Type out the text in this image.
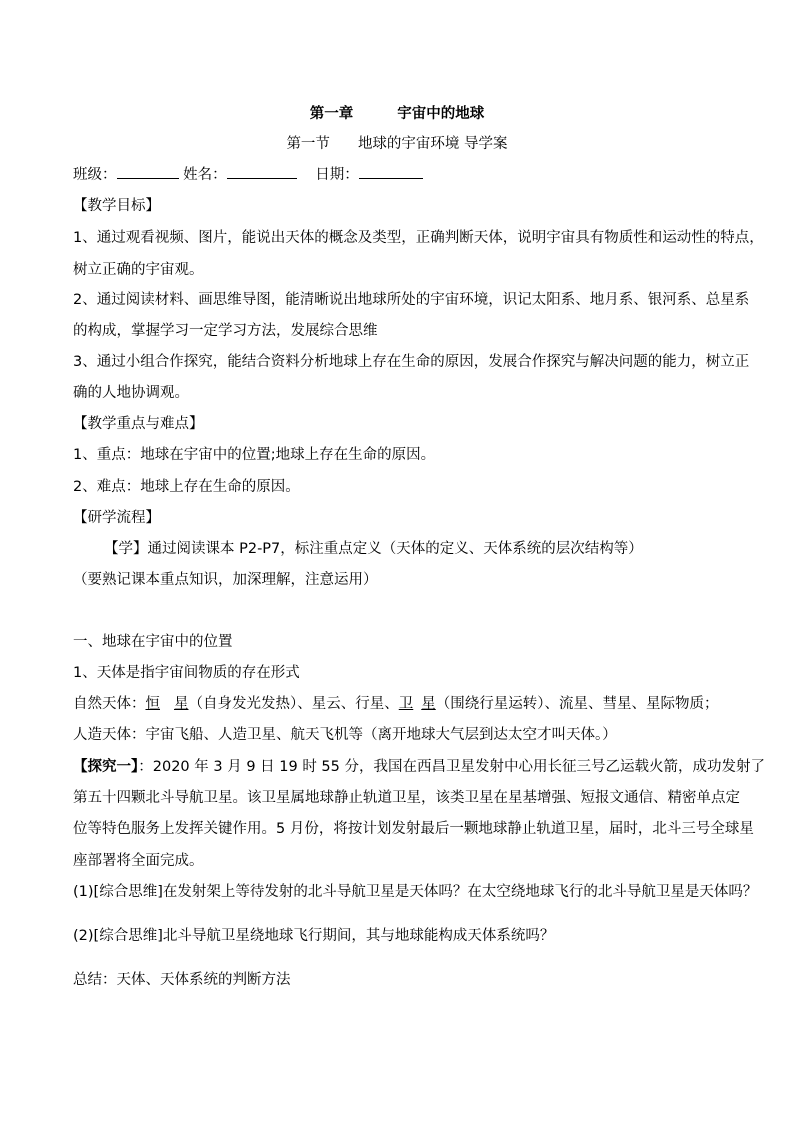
第一章	宇宙中的地球
第一节 地球的宇宙环境 导学案
班级：	姓名：	日期：
【教学目标】
1、通过观看视频、图片，能说出天体的概念及类型，正确判断天体，说明宇宙具有物质性和运动性的特点，
树立正确的宇宙观。
2、通过阅读材料、画思维导图，能清晰说出地球所处的宇宙环境，识记太阳系、地月系、银河系、总星系
的构成，掌握学习一定学习方法，发展综合思维
3、通过小组合作探究，能结合资料分析地球上存在生命的原因，发展合作探究与解决问题的能力，树立正
确的人地协调观。
【教学重点与难点】
1、重点：地球在宇宙中的位置;地球上存在生命的原因。
2、难点：地球上存在生命的原因。
【研学流程】
【学】通过阅读课本 P2-P7，标注重点定义（天体的定义、天体系统的层次结构等）
（要熟记课本重点知识，加深理解，注意运用）
一、地球在宇宙中的位置
1、天体是指宇宙间物质的存在形式
自然天体：恒 星（自身发光发热）、星云、行星、卫 星（围绕行星运转）、流星、彗星、星际物质；
人造天体：宇宙飞船、人造卫星、航天飞机等（离开地球大气层到达太空才叫天体。）
【探究一】：2020 年 3 月 9 日 19 时 55 分，我国在西昌卫星发射中心用长征三号乙运载火箭，成功发射了
第五十四颗北斗导航卫星。该卫星属地球静止轨道卫星，该类卫星在星基增强、短报文通信、精密单点定
位等特色服务上发挥关键作用。5 月份，将按计划发射最后一颗地球静止轨道卫星，届时，北斗三号全球星
座部署将全面完成。
(1)[综合思维]在发射架上等待发射的北斗导航卫星是天体吗？在太空绕地球飞行的北斗导航卫星是天体吗？
(2)[综合思维]北斗导航卫星绕地球飞行期间，其与地球能构成天体系统吗？
总结：天体、天体系统的判断方法
